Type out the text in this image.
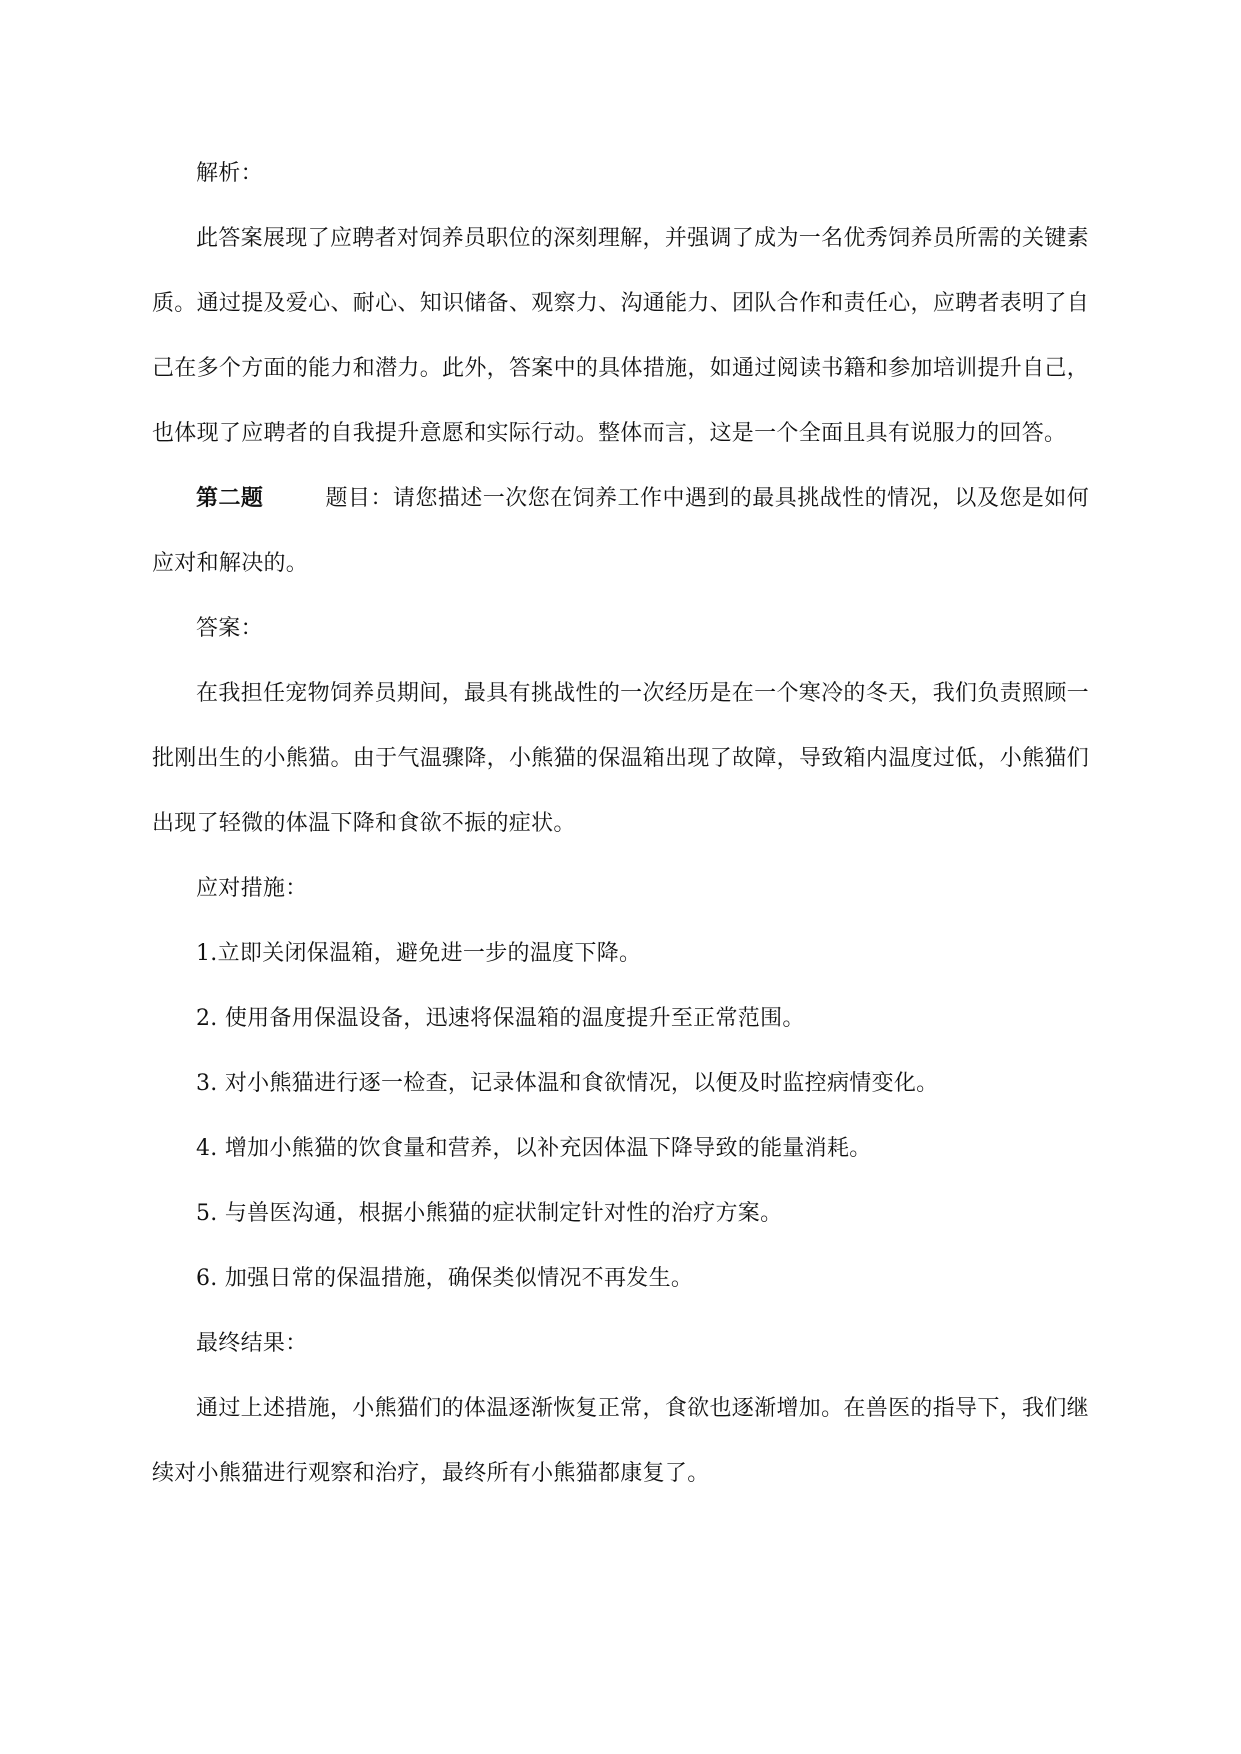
解析：

此答案展现了应聘者对饲养员职位的深刻理解，并强调了成为一名优秀饲养员所需的关键素质。通过提及爱心、耐心、知识储备、观察力、沟通能力、团队合作和责任心，应聘者表明了自己在多个方面的能力和潜力。此外，答案中的具体措施，如通过阅读书籍和参加培训提升自己，也体现了应聘者的自我提升意愿和实际行动。整体而言，这是一个全面且具有说服力的回答。

第二题	题目：请您描述一次您在饲养工作中遇到的最具挑战性的情况，以及您是如何应对和解决的。

答案：

在我担任宠物饲养员期间，最具有挑战性的一次经历是在一个寒冷的冬天，我们负责照顾一批刚出生的小熊猫。由于气温骤降，小熊猫的保温箱出现了故障，导致箱内温度过低，小熊猫们出现了轻微的体温下降和食欲不振的症状。

应对措施：

1.立即关闭保温箱，避免进一步的温度下降。

2. 使用备用保温设备，迅速将保温箱的温度提升至正常范围。

3. 对小熊猫进行逐一检查，记录体温和食欲情况，以便及时监控病情变化。

4. 增加小熊猫的饮食量和营养，以补充因体温下降导致的能量消耗。

5. 与兽医沟通，根据小熊猫的症状制定针对性的治疗方案。

6. 加强日常的保温措施，确保类似情况不再发生。

最终结果：

通过上述措施，小熊猫们的体温逐渐恢复正常，食欲也逐渐增加。在兽医的指导下，我们继续对小熊猫进行观察和治疗，最终所有小熊猫都康复了。
